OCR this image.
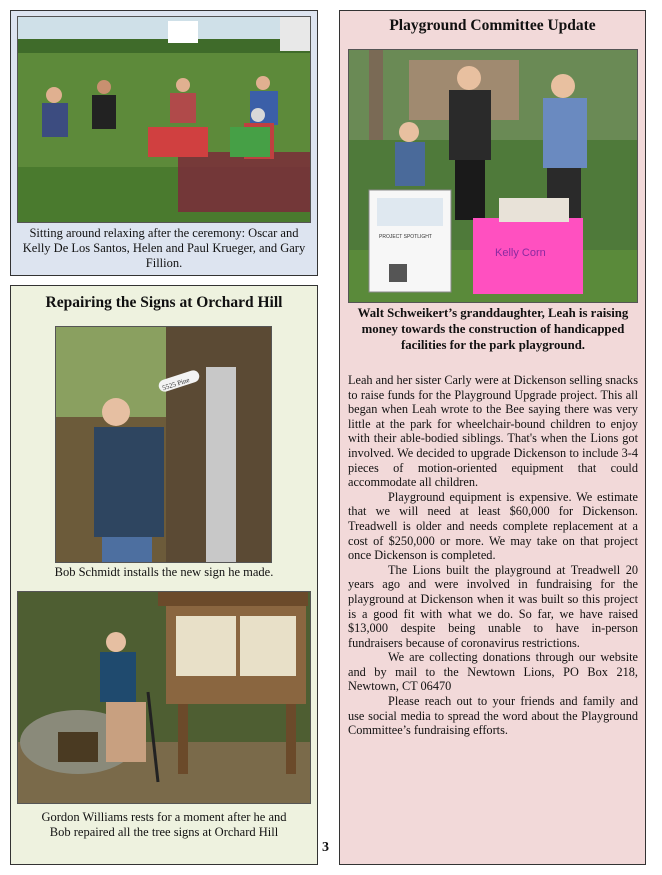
Sitting around relaxing after the ceremony: Oscar and Kelly De Los Santos, Helen and Paul Krueger, and Gary Fillion.
Repairing the Signs at Orchard Hill
5525 Pine
Bob Schmidt installs the new sign he made.
Gordon Williams rests for a moment after he and Bob repaired all the tree signs at Orchard Hill
3
Playground Committee Update
PROJECT SPOTLIGHT
Kelly Corn
Walt Schweikert’s granddaughter, Leah is raising money towards the construction of handicapped facilities for the park playground.

Leah and her sister Carly were at Dickenson selling snacks to raise funds for the Playground Upgrade project. This all began when Leah wrote to the Bee saying there was very little at the park for wheelchair-bound children to enjoy with their able-bodied siblings. That's when the Lions got involved. We decided to upgrade Dickenson to include 3-4 pieces of motion-oriented equipment that could accommodate all children.

Playground equipment is expensive. We estimate that we will need at least $60,000 for Dickenson. Treadwell is older and needs complete replacement at a cost of $250,000 or more. We may take on that project once Dickenson is completed.

The Lions built the playground at Treadwell 20 years ago and were involved in fundraising for the playground at Dickenson when it was built so this project is a good fit with what we do. So far, we have raised $13,000 despite being unable to have in-person fundraisers because of coronavirus restrictions.

We are collecting donations through our website and by mail to the Newtown Lions, PO Box 218, Newtown, CT 06470

Please reach out to your friends and family and use social media to spread the word about the Playground Committee’s fundraising efforts.
